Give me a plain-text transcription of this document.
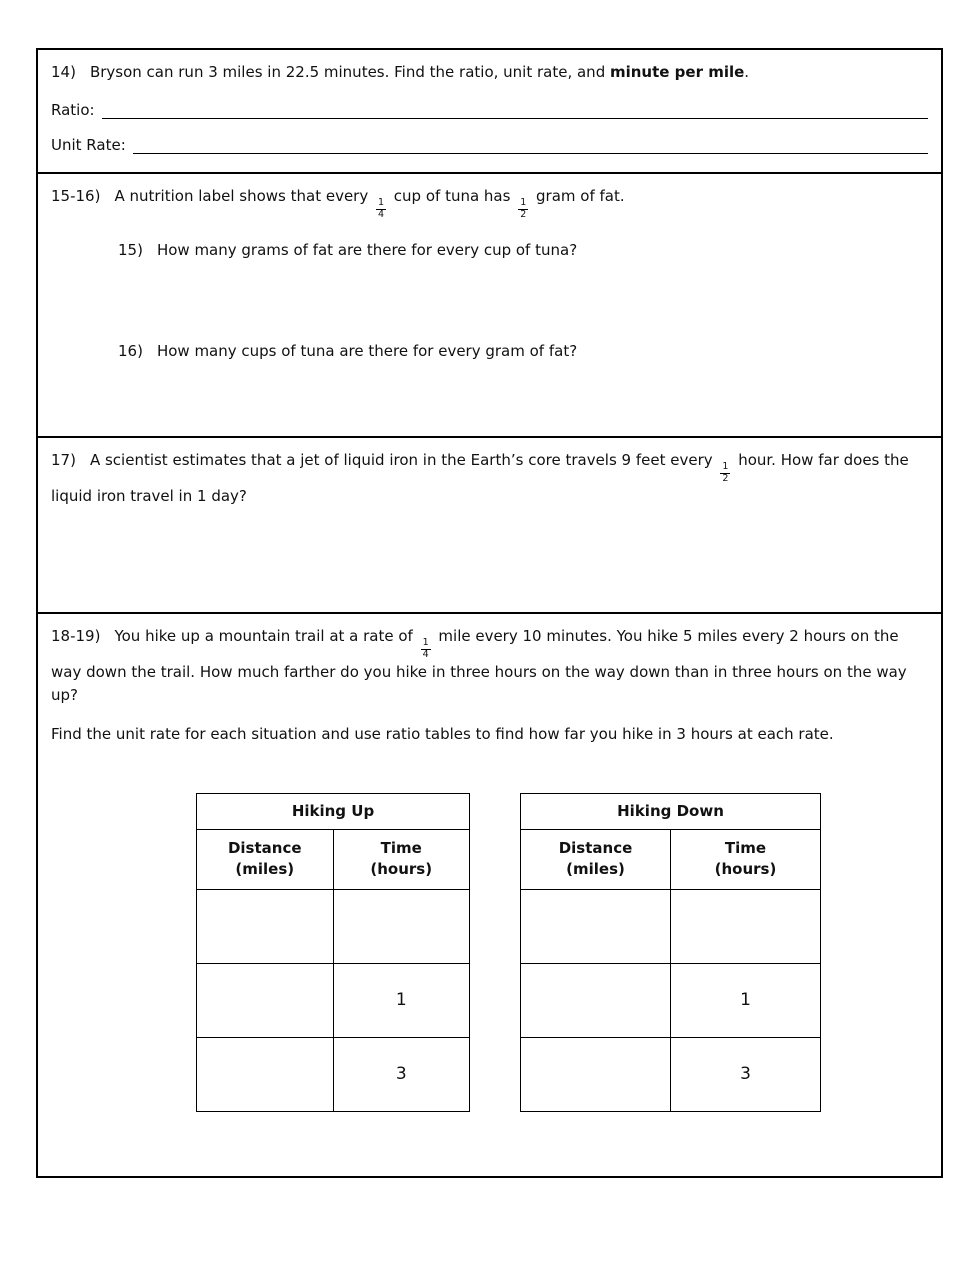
14) Bryson can run 3 miles in 22.5 minutes. Find the ratio, unit rate, and minute per mile.

Ratio:
Unit Rate:

15-16) A nutrition label shows that every
$\frac{1}{4}$
cup of tuna has
$\frac{1}{2}$
gram of fat.

15) How many grams of fat are there for every cup of tuna?

16) How many cups of tuna are there for every gram of fat?

17) A scientist estimates that a jet of liquid iron in the Earth’s core travels 9 feet every
$\frac{1}{2}$
hour. How far does the liquid iron travel in 1 day?

18-19) You hike up a mountain trail at a rate of
$\frac{1}{4}$
mile every 10 minutes. You hike 5 miles every 2 hours on the way down the trail. How much farther do you hike in three hours on the way down than in three hours on the way up?

Find the unit rate for each situation and use ratio tables to find how far you hike in 3 hours at each rate.

Hiking Up	
Distance
(miles)	Time
(hours)

	1
	3
Hiking Down	
Distance
(miles)	Time
(hours)

	1
	3
